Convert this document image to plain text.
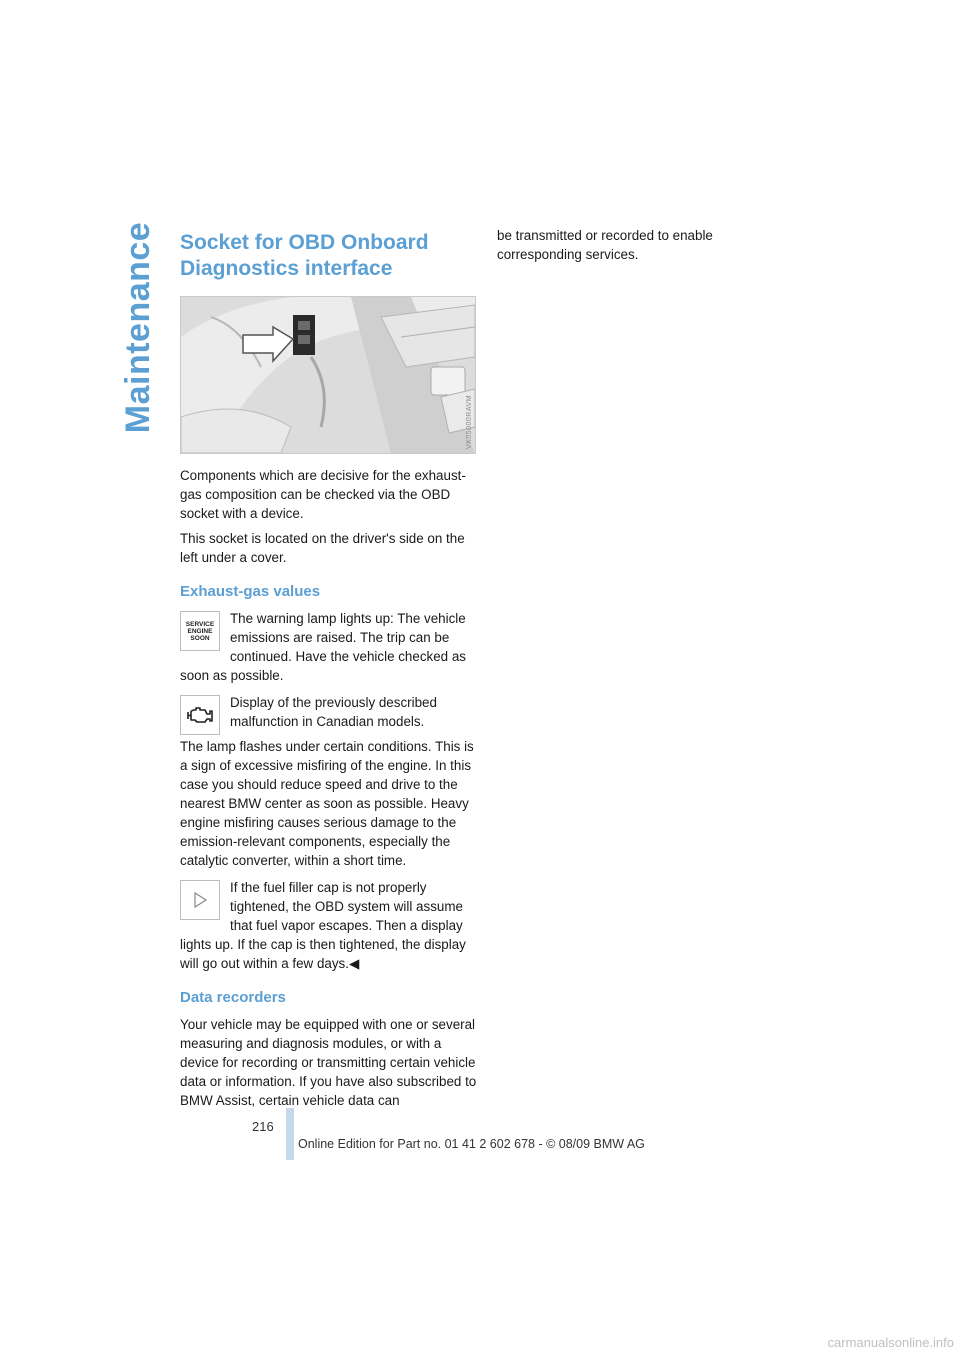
Maintenance Socket for OBD Onboard Diagnostics interface
VK05000RAVM

Components which are decisive for the exhaust-gas composition can be checked via the OBD socket with a device.

This socket is located on the driver's side on the left under a cover.

Exhaust-gas values
SERVICE
ENGINE
SOON

The warning lamp lights up: The vehicle emissions are raised. The trip can be continued. Have the vehicle checked as soon as possible.

Display of the previously described malfunction in Canadian models.

The lamp flashes under certain conditions. This is a sign of excessive misfiring of the engine. In this case you should reduce speed and drive to the nearest BMW center as soon as possible. Heavy engine misfiring causes serious damage to the emission-relevant components, especially the catalytic converter, within a short time.

If the fuel filler cap is not properly tightened, the OBD system will assume that fuel vapor escapes. Then a display lights up. If the cap is then tightened, the display will go out within a few days.◀

Data recorders

Your vehicle may be equipped with one or several measuring and diagnosis modules, or with a device for recording or transmitting certain vehicle data or information. If you have also subscribed to BMW Assist, certain vehicle data can

be transmitted or recorded to enable corresponding services.

216
Online Edition for Part no. 01 41 2 602 678 - © 08/09 BMW AG
carmanualsonline.info
